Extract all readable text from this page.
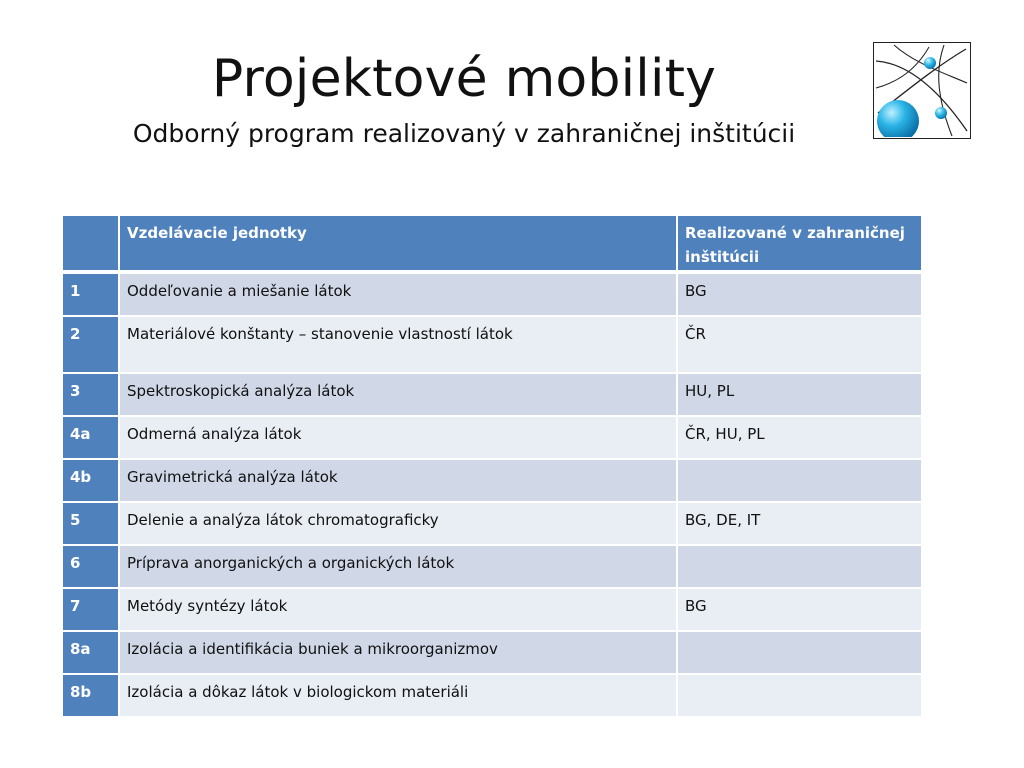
Projektové mobility
Odborný program realizovaný v zahraničnej inštitúcii
	Vzdelávacie jednotky	Realizované v zahraničnej inštitúcii
1	Oddeľovanie a miešanie látok	BG
2	Materiálové konštanty – stanovenie vlastností látok	ČR
3	Spektroskopická analýza látok	HU, PL
4a	Odmerná analýza látok	ČR, HU, PL
4b	Gravimetrická analýza látok	
5	Delenie a analýza látok chromatograficky	BG, DE, IT
6	Príprava anorganických a organických látok	
7	Metódy syntézy látok	BG
8a	Izolácia a identifikácia buniek a mikroorganizmov	
8b	Izolácia a dôkaz látok v biologickom materiáli	
